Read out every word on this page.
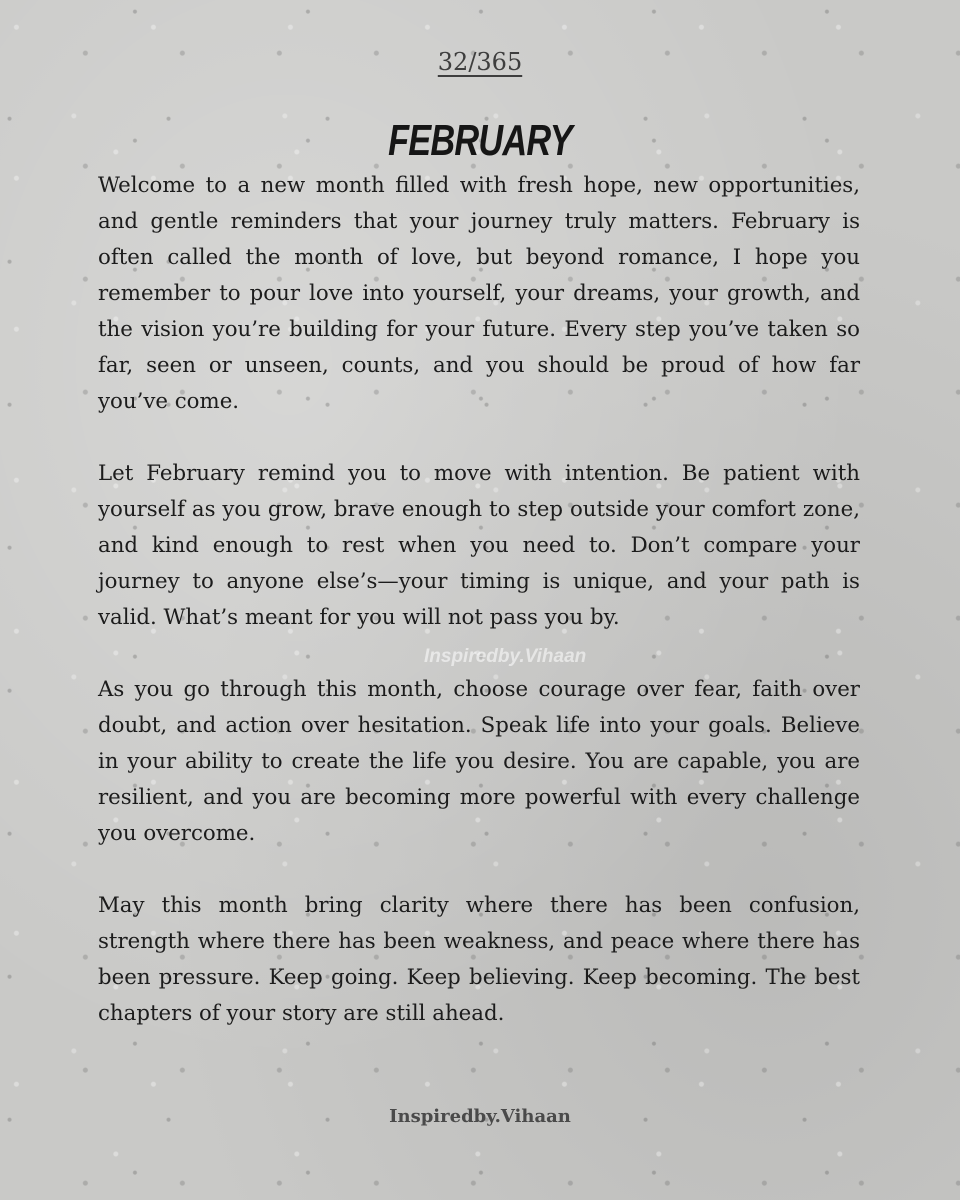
32/365
FEBRUARY

Welcome to a new month filled with fresh hope, new opportunities, and gentle reminders that your journey truly matters. February is often called the month of love, but beyond romance, I hope you remember to pour love into yourself, your dreams, your growth, and the vision you’re building for your future. Every step you’ve taken so far, seen or unseen, counts, and you should be proud of how far you’ve come.

Let February remind you to move with intention. Be patient with yourself as you grow, brave enough to step outside your comfort zone, and kind enough to rest when you need to. Don’t compare your journey to anyone else’s—your timing is unique, and your path is valid. What’s meant for you will not pass you by.

As you go through this month, choose courage over fear, faith over doubt, and action over hesitation. Speak life into your goals. Believe in your ability to create the life you desire. You are capable, you are resilient, and you are becoming more powerful with every challenge you overcome.

May this month bring clarity where there has been confusion, strength where there has been weakness, and peace where there has been pressure. Keep going. Keep believing. Keep becoming. The best chapters of your story are still ahead.

Inspiredby.Vihaan
Inspiredby.Vihaan
